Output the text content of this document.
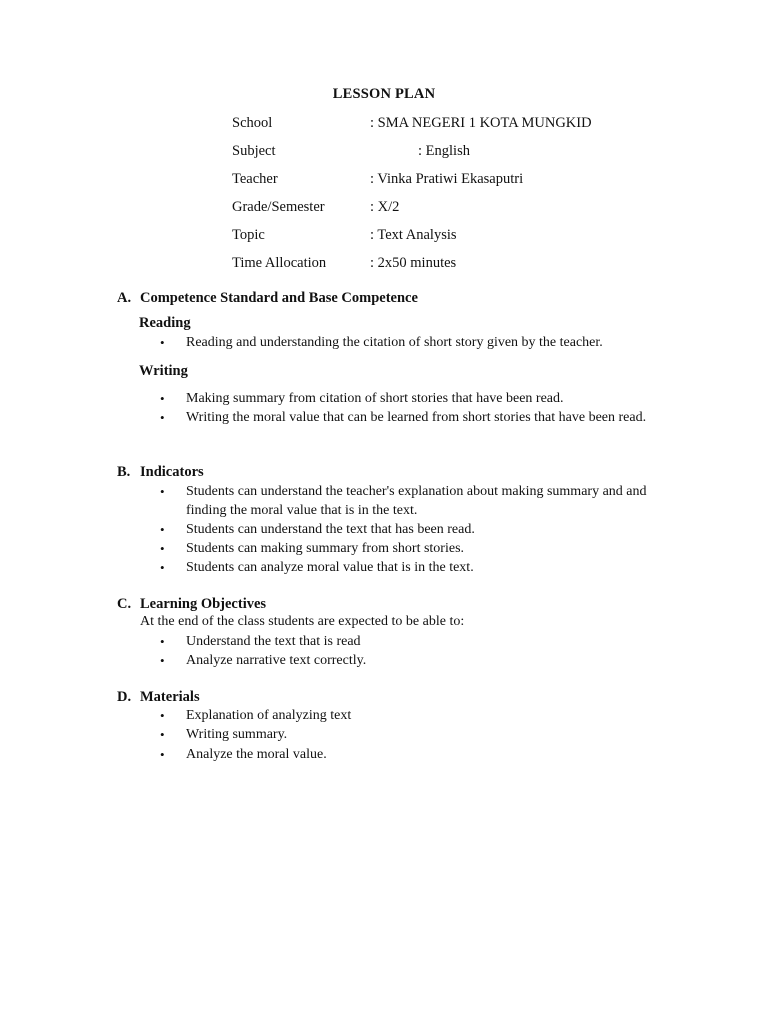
LESSON PLAN
School	: SMA NEGERI 1 KOTA MUNGKID
Subject	: English
Teacher	: Vinka Pratiwi Ekasaputri
Grade/Semester	: X/2
Topic	: Text Analysis
Time Allocation	: 2x50 minutes
A. Competence Standard and Base Competence
Reading
•	Reading and understanding the citation of short story given by the teacher.
Writing
•	Making summary from citation of short stories that have been read.
•	Writing the moral value that can be learned from short stories that have been read.
B. Indicators
•	Students can understand the teacher's explanation about making summary and and finding the moral value that is in the text.
•	Students can understand the text that has been read.
•	Students can making summary from short stories.
•	Students can analyze moral value that is in the text.
C. Learning Objectives
At the end of the class students are expected to be able to:
•	Understand the text that is read
•	Analyze narrative text correctly.
D. Materials
•	Explanation of analyzing text
•	Writing summary.
•	Analyze the moral value.
